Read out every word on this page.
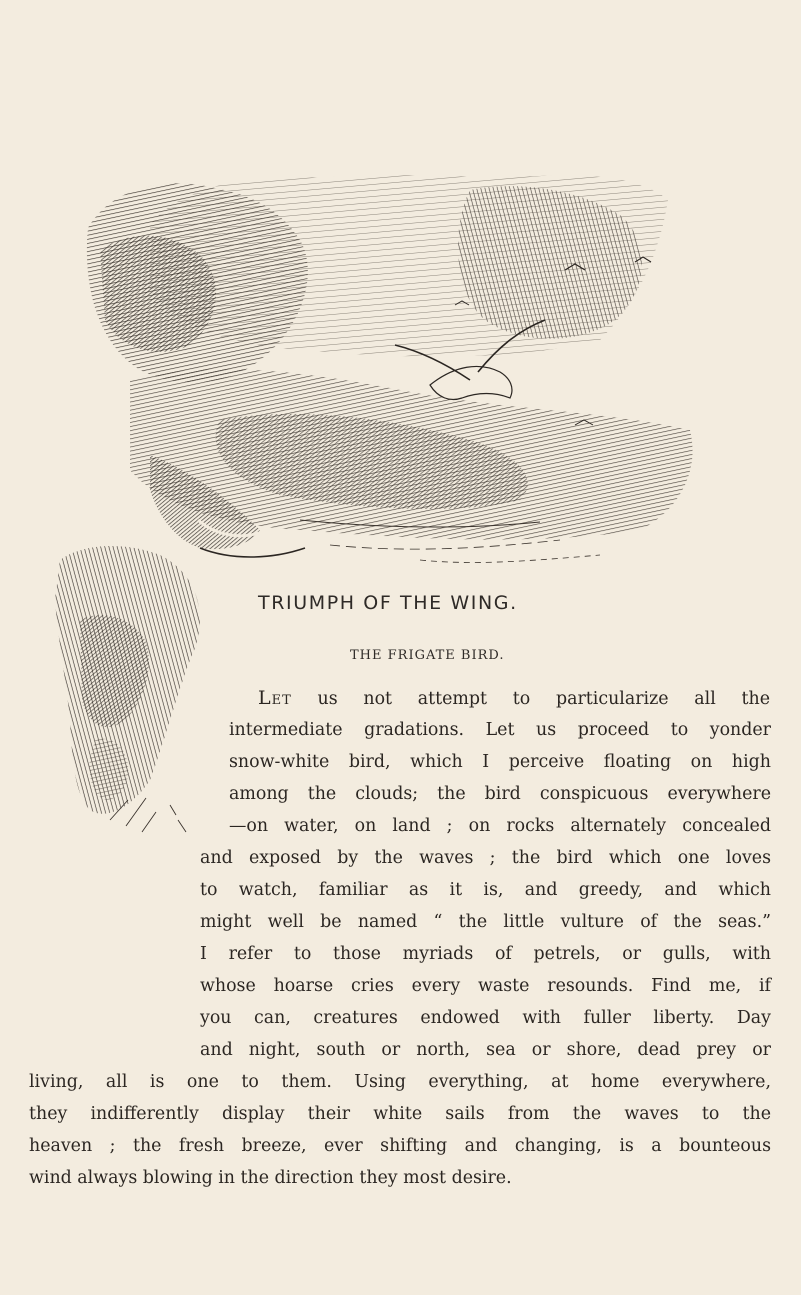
TRIUMPH OF THE WING.
THE FRIGATE BIRD.
Let us not attempt to particularize all the
intermediate gradations. Let us proceed to yonder
snow-white bird, which I perceive floating on high
among the clouds; the bird conspicuous everywhere
—on water, on land ; on rocks alternately concealed
and exposed by the waves ; the bird which one loves
to watch, familiar as it is, and greedy, and which
might well be named “ the little vulture of the seas.”
I refer to those myriads of petrels, or gulls, with
whose hoarse cries every waste resounds. Find me, if
you can, creatures endowed with fuller liberty. Day
and night, south or north, sea or shore, dead prey or
living, all is one to them. Using everything, at home everywhere,
they indifferently display their white sails from the waves to the
heaven ; the fresh breeze, ever shifting and changing, is a bounteous
wind always blowing in the direction they most desire.
